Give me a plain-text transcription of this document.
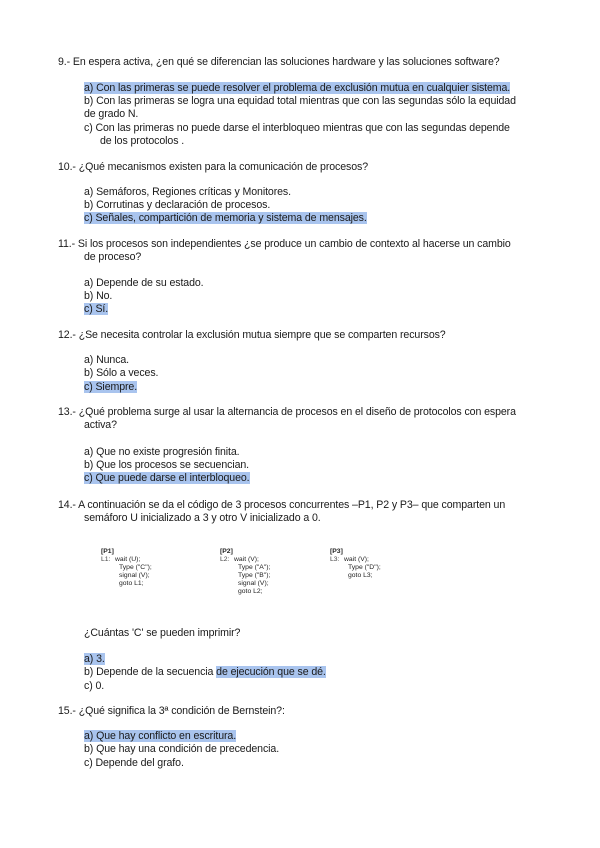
9.- En espera activa, ¿en qué se diferencian las soluciones hardware y las soluciones software?
a) Con las primeras se puede resolver el problema de exclusión mutua en cualquier sistema.
b) Con las primeras se logra una equidad total mientras que con las segundas sólo la equidad
de grado N.
c) Con las primeras no puede darse el interbloqueo mientras que con las segundas depende
de los protocolos .
10.- ¿Qué mecanismos existen para la comunicación de procesos?
a) Semáforos, Regiones críticas y Monitores.
b) Corrutinas y declaración de procesos.
c) Señales, compartición de memoria y sistema de mensajes.
11.- Si los procesos son independientes ¿se produce un cambio de contexto al hacerse un cambio
de proceso?
a) Depende de su estado.
b) No.
c) Sí.
12.- ¿Se necesita controlar la exclusión mutua siempre que se comparten recursos?
a) Nunca.
b) Sólo a veces.
c) Siempre.
13.- ¿Qué problema surge al usar la alternancia de procesos en el diseño de protocolos con espera
activa?
a) Que no existe progresión finita.
b) Que los procesos se secuencian.
c) Que puede darse el interbloqueo.
14.- A continuación se da el código de 3 procesos concurrentes –P1, P2 y P3– que comparten un
semáforo U inicializado a 3 y otro V inicializado a 0.
[P1]
L1: wait (U);
Type ("C");
signal (V);
goto L1;
[P2]
L2: wait (V);
Type ("A");
Type ("B");
signal (V);
goto L2;
[P3]
L3: wait (V);
Type ("D");
goto L3;
¿Cuántas 'C' se pueden imprimir?
a) 3.
b) Depende de la secuencia de ejecución que se dé.
c) 0.
15.- ¿Qué significa la 3ª condición de Bernstein?:
a) Que hay conflicto en escritura.
b) Que hay una condición de precedencia.
c) Depende del grafo.
